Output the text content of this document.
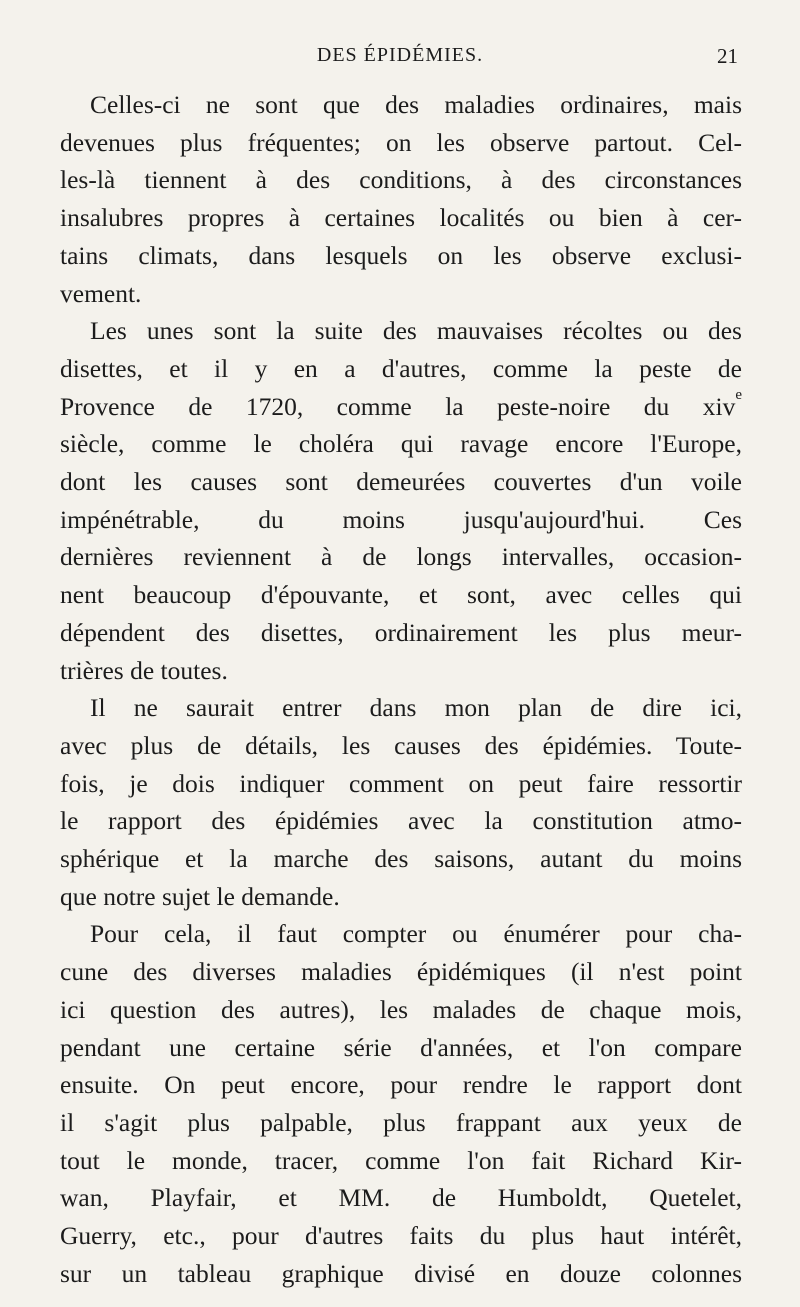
DES ÉPIDÉMIES.	21
Celles-ci ne sont que des maladies ordinaires, mais
devenues plus fréquentes; on les observe partout. Cel-
les-là tiennent à des conditions, à des circonstances
insalubres propres à certaines localités ou bien à cer-
tains climats, dans lesquels on les observe exclusi-
vement.
Les unes sont la suite des mauvaises récoltes ou des
disettes, et il y en a d'autres, comme la peste de
Provence de 1720, comme la peste-noire du xiv$^e$
siècle, comme le choléra qui ravage encore l'Europe,
dont les causes sont demeurées couvertes d'un voile
impénétrable, du moins jusqu'aujourd'hui. Ces
dernières reviennent à de longs intervalles, occasion-
nent beaucoup d'épouvante, et sont, avec celles qui
dépendent des disettes, ordinairement les plus meur-
trières de toutes.
Il ne saurait entrer dans mon plan de dire ici,
avec plus de détails, les causes des épidémies. Toute-
fois, je dois indiquer comment on peut faire ressortir
le rapport des épidémies avec la constitution atmo-
sphérique et la marche des saisons, autant du moins
que notre sujet le demande.
Pour cela, il faut compter ou énumérer pour cha-
cune des diverses maladies épidémiques (il n'est point
ici question des autres), les malades de chaque mois,
pendant une certaine série d'années, et l'on compare
ensuite. On peut encore, pour rendre le rapport dont
il s'agit plus palpable, plus frappant aux yeux de
tout le monde, tracer, comme l'on fait Richard Kir-
wan, Playfair, et MM. de Humboldt, Quetelet,
Guerry, etc., pour d'autres faits du plus haut intérêt,
sur un tableau graphique divisé en douze colonnes
